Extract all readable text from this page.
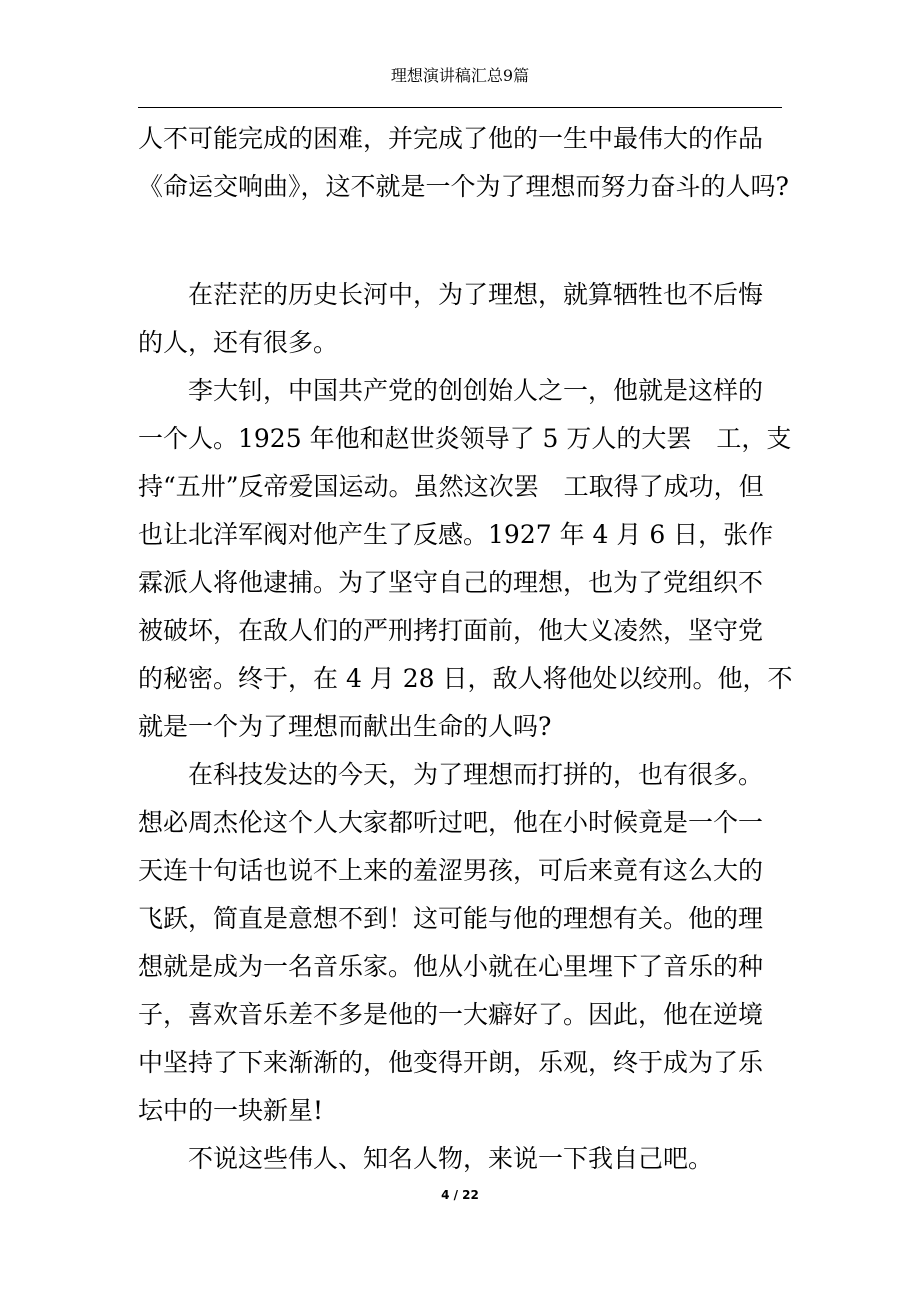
理想演讲稿汇总9篇
人不可能完成的困难，并完成了他的一生中最伟大的作品
《命运交响曲》，这不就是一个为了理想而努力奋斗的人吗?
在茫茫的历史长河中，为了理想，就算牺牲也不后悔
的人，还有很多。
李大钊，中国共产党的创创始人之一，他就是这样的
一个人。1925 年他和赵世炎领导了 5 万人的大罢　工，支
持“五卅”反帝爱国运动。虽然这次罢　工取得了成功，但
也让北洋军阀对他产生了反感。1927 年 4 月 6 日，张作
霖派人将他逮捕。为了坚守自己的理想，也为了党组织不
被破坏，在敌人们的严刑拷打面前，他大义凌然，坚守党
的秘密。终于，在 4 月 28 日，敌人将他处以绞刑。他，不
就是一个为了理想而献出生命的人吗?
在科技发达的今天，为了理想而打拼的，也有很多。
想必周杰伦这个人大家都听过吧，他在小时候竟是一个一
天连十句话也说不上来的羞涩男孩，可后来竟有这么大的
飞跃，简直是意想不到！这可能与他的理想有关。他的理
想就是成为一名音乐家。他从小就在心里埋下了音乐的种
子，喜欢音乐差不多是他的一大癖好了。因此，他在逆境
中坚持了下来渐渐的，他变得开朗，乐观，终于成为了乐
坛中的一块新星!
不说这些伟人、知名人物，来说一下我自己吧。
4 / 22
